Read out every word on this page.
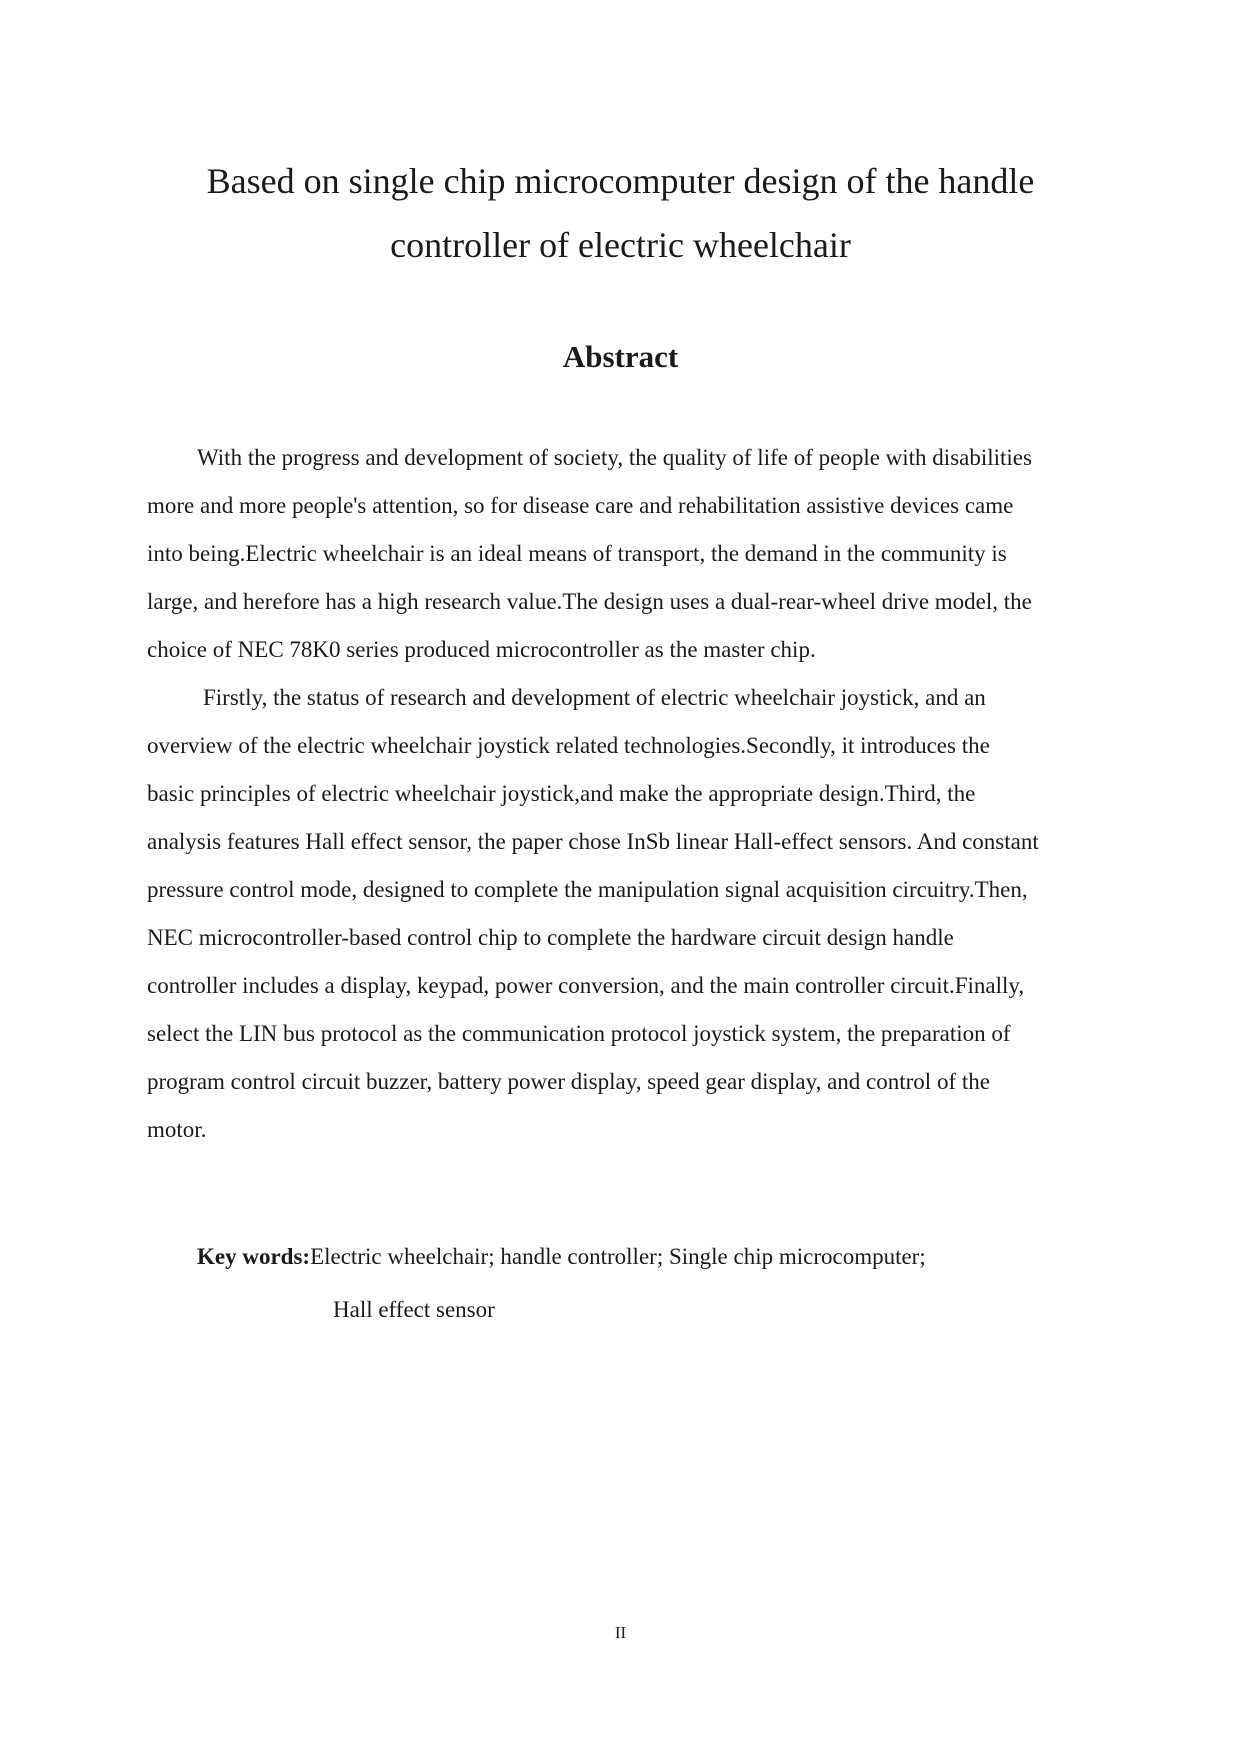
Based on single chip microcomputer design of the handle
controller of electric wheelchair
Abstract
With the progress and development of society, the quality of life of people with disabilities
more and more people's attention, so for disease care and rehabilitation assistive devices came
into being.Electric wheelchair is an ideal means of transport, the demand in the community is
large, and herefore has a high research value.The design uses a dual-rear-wheel drive model, the
choice of NEC 78K0 series produced microcontroller as the master chip.
Firstly, the status of research and development of electric wheelchair joystick, and an
overview of the electric wheelchair joystick related technologies.Secondly, it introduces the
basic principles of electric wheelchair joystick,and make the appropriate design.Third, the
analysis features Hall effect sensor, the paper chose InSb linear Hall-effect sensors. And constant
pressure control mode, designed to complete the manipulation signal acquisition circuitry.Then,
NEC microcontroller-based control chip to complete the hardware circuit design handle
controller includes a display, keypad, power conversion, and the main controller circuit.Finally,
select the LIN bus protocol as the communication protocol joystick system, the preparation of
program control circuit buzzer, battery power display, speed gear display, and control of the
motor.
Key words:Electric wheelchair; handle controller; Single chip microcomputer;
Hall effect sensor
II
